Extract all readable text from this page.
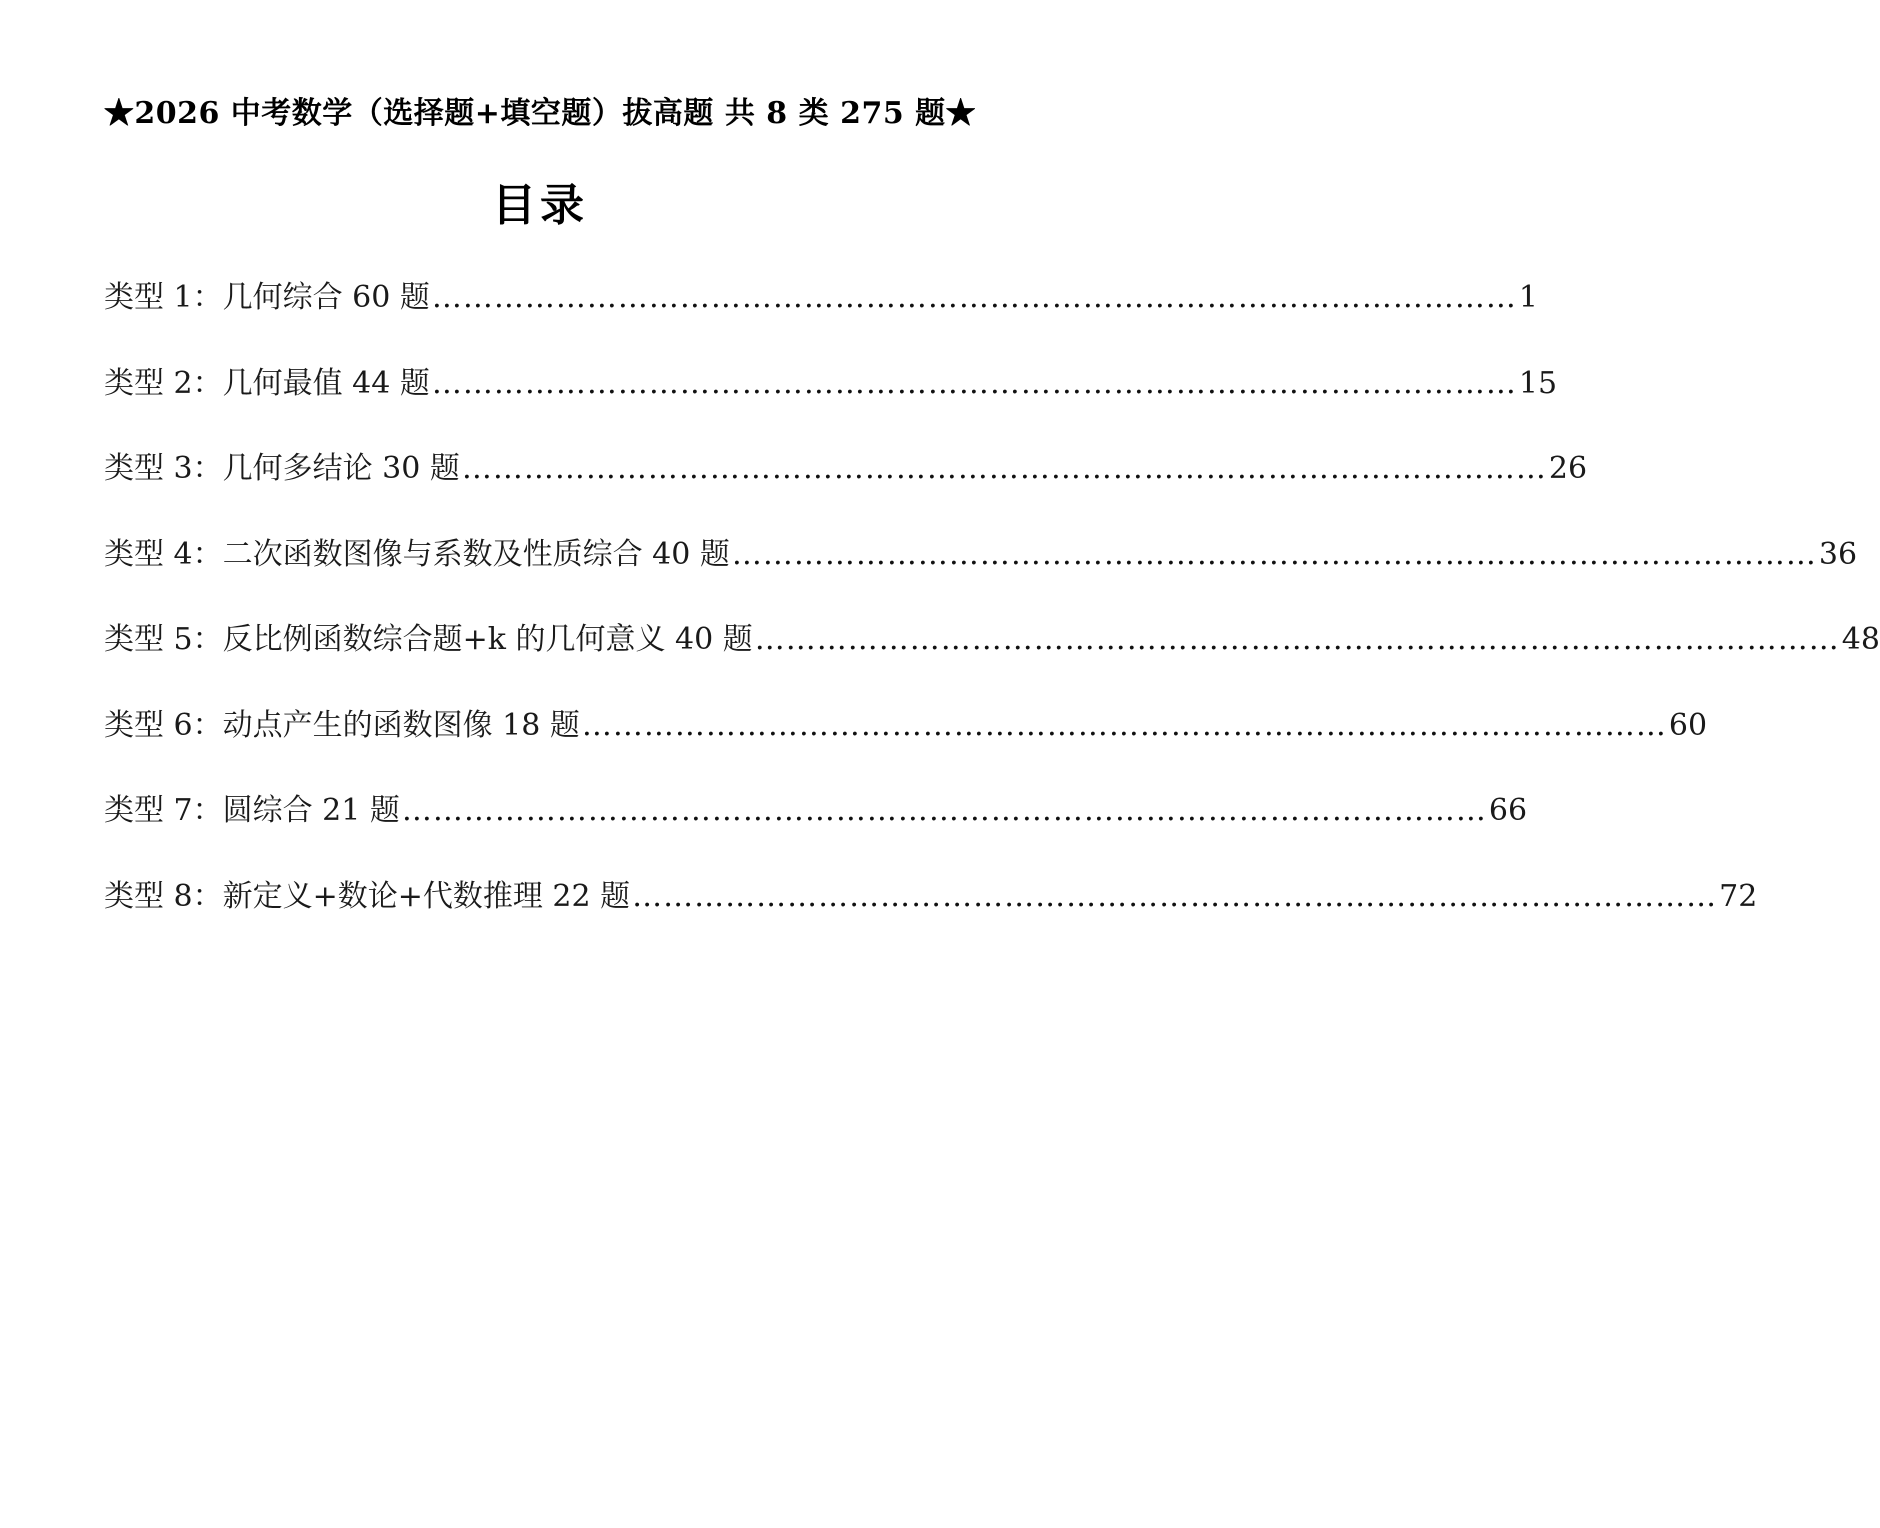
★2026 中考数学（选择题+填空题）拔高题 共 8 类 275 题★
目录
类型 1：几何综合 60 题 …………………………………………………………………………………………… 1
类型 2：几何最值 44 题 …………………………………………………………………………………………… 15
类型 3：几何多结论 30 题 …………………………………………………………………………………………… 26
类型 4：二次函数图像与系数及性质综合 40 题 …………………………………………………………………………………………… 36
类型 5：反比例函数综合题+k 的几何意义 40 题 …………………………………………………………………………………………… 48
类型 6：动点产生的函数图像 18 题 …………………………………………………………………………………………… 60
类型 7：圆综合 21 题 …………………………………………………………………………………………… 66
类型 8：新定义+数论+代数推理 22 题 …………………………………………………………………………………………… 72
